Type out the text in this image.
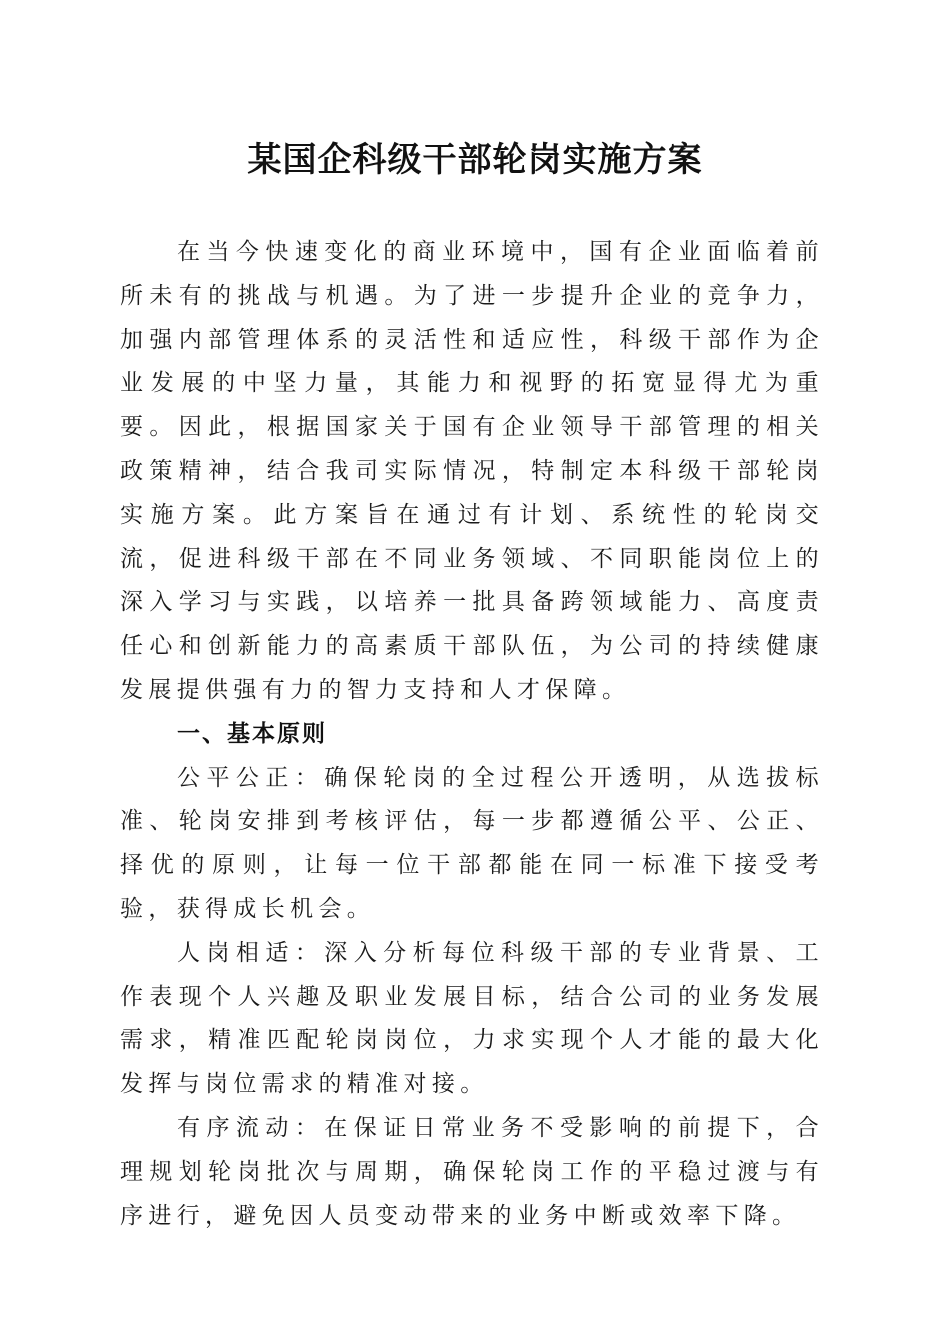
某国企科级干部轮岗实施方案

在当今快速变化的商业环境中，国有企业面临着前所未有的挑战与机遇。为了进一步提升企业的竞争力，加强内部管理体系的灵活性和适应性，科级干部作为企业发展的中坚力量，其能力和视野的拓宽显得尤为重要。因此，根据国家关于国有企业领导干部管理的相关政策精神，结合我司实际情况，特制定本科级干部轮岗实施方案。此方案旨在通过有计划、系统性的轮岗交流，促进科级干部在不同业务领域、不同职能岗位上的深入学习与实践，以培养一批具备跨领域能力、高度责任心和创新能力的高素质干部队伍，为公司的持续健康发展提供强有力的智力支持和人才保障。

一、基本原则

公平公正：确保轮岗的全过程公开透明，从选拔标准、轮岗安排到考核评估，每一步都遵循公平、公正、择优的原则，让每一位干部都能在同一标准下接受考验，获得成长机会。

人岗相适：深入分析每位科级干部的专业背景、工作表现个人兴趣及职业发展目标，结合公司的业务发展需求，精准匹配轮岗岗位，力求实现个人才能的最大化发挥与岗位需求的精准对接。

有序流动：在保证日常业务不受影响的前提下，合理规划轮岗批次与周期，确保轮岗工作的平稳过渡与有序进行，避免因人员变动带来的业务中断或效率下降。
